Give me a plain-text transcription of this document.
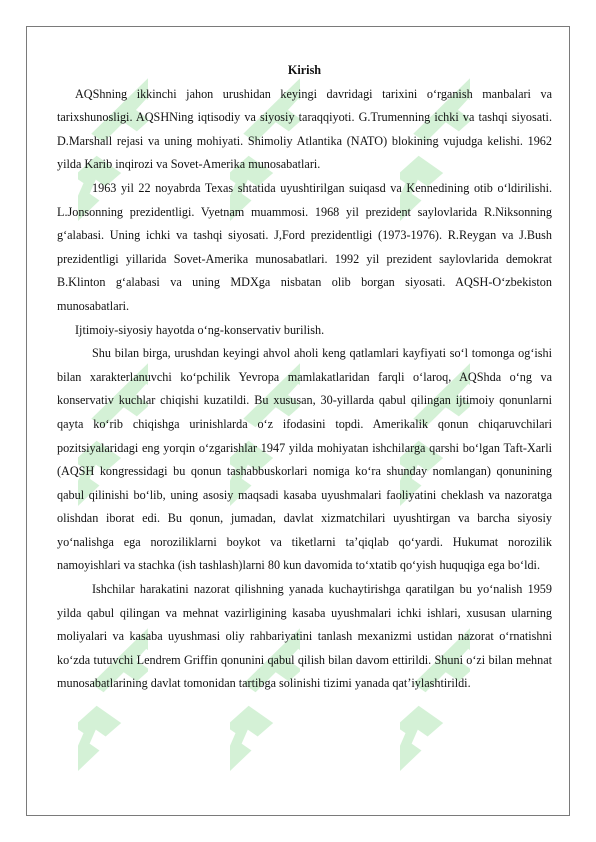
Kirish

AQShning ikkinchi jahon urushidan keyingi davridagi tarixini o‘rganish manbalari va tarixshunosligi. AQSHNing iqtisodiy va siyosiy taraqqiyoti. G.Trumenning ichki va tashqi siyosati. D.Marshall rejasi va uning mohiyati. Shimoliy Atlantika (NATO) blokining vujudga kelishi. 1962 yilda Karib inqirozi va Sovet-Amerika munosabatlari.

1963 yil 22 noyabrda Texas shtatida uyushtirilgan suiqasd va Kennedining otib o‘ldirilishi. L.Jonsonning prezidentligi. Vyetnam muammosi. 1968 yil prezident saylovlarida R.Niksonning g‘alabasi. Uning ichki va tashqi siyosati. J,Ford prezidentligi (1973-1976). R.Reygan va J.Bush prezidentligi yillarida Sovet-Amerika munosabatlari. 1992 yil prezident saylovlarida demokrat B.Klinton g‘alabasi va uning MDXga nisbatan olib borgan siyosati. AQSH-O‘zbekiston munosabatlari.

Ijtimoiy-siyosiy hayotda o‘ng-konservativ burilish.

Shu bilan birga, urushdan keyingi ahvol aholi keng qatlamlari kayfiyati so‘l tomonga og‘ishi bilan xarakterlanuvchi ko‘pchilik Yevropa mamlakatlaridan farqli o‘laroq, AQShda o‘ng va konservativ kuchlar chiqishi kuzatildi. Bu xususan, 30-yillarda qabul qilingan ijtimoiy qonunlarni qayta ko‘rib chiqishga urinishlarda o‘z ifodasini topdi. Amerikalik qonun chiqaruvchilari pozitsiyalaridagi eng yorqin o‘zgarishlar 1947 yilda mohiyatan ishchilarga qarshi bo‘lgan Taft-Xarli (AQSH kongressidagi bu qonun tashabbuskorlari nomiga ko‘ra shunday nomlangan) qonunining qabul qilinishi bo‘lib, uning asosiy maqsadi kasaba uyushmalari faoliyatini cheklash va nazoratga olishdan iborat edi. Bu qonun, jumadan, davlat xizmatchilari uyushtirgan va barcha siyosiy yo‘nalishga ega noroziliklarni boykot va tiketlarni ta’qiqlab qo‘yardi. Hukumat norozilik namoyishlari va stachka (ish tashlash)larni 80 kun davomida to‘xtatib qo‘yish huquqiga ega bo‘ldi.

Ishchilar harakatini nazorat qilishning yanada kuchaytirishga qaratilgan bu yo‘nalish 1959 yilda qabul qilingan va mehnat vazirligining kasaba uyushmalari ichki ishlari, xususan ularning moliyalari va kasaba uyushmasi oliy rahbariyatini tanlash mexanizmi ustidan nazorat o‘rnatishni ko‘zda tutuvchi Lendrem Griffin qonunini qabul qilish bilan davom ettirildi. Shuni o‘zi bilan mehnat munosabatlarining davlat tomonidan tartibga solinishi tizimi yanada qat’iylashtirildi.
